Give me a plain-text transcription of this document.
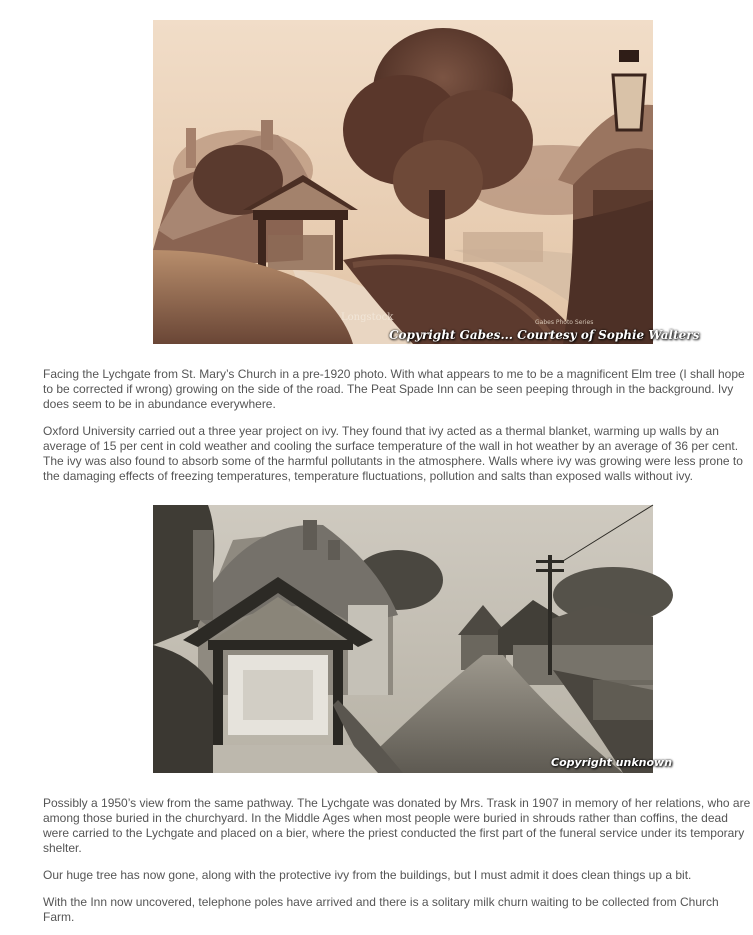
Longstock	Gabes Photo Series
Copyright Gabes... Courtesy of Sophie Walters

Facing the Lychgate from St. Mary’s Church in a pre-1920 photo. With what appears to me to be a magnificent Elm tree (I shall hope to be corrected if wrong) growing on the side of the road. The Peat Spade Inn can be seen peeping through in the background. Ivy does seem to be in abundance everywhere.

Oxford University carried out a three year project on ivy. They found that ivy acted as a thermal blanket, warming up walls by an average of 15 per cent in cold weather and cooling the surface temperature of the wall in hot weather by an average of 36 per cent. The ivy was also found to absorb some of the harmful pollutants in the atmosphere. Walls where ivy was growing were less prone to the damaging effects of freezing temperatures, temperature fluctuations, pollution and salts than exposed walls without ivy.

Copyright unknown

Possibly a 1950’s view from the same pathway. The Lychgate was donated by Mrs. Trask in 1907 in memory of her relations, who are among those buried in the churchyard. In the Middle Ages when most people were buried in shrouds rather than coffins, the dead were carried to the Lychgate and placed on a bier, where the priest conducted the first part of the funeral service under its temporary shelter.

Our huge tree has now gone, along with the protective ivy from the buildings, but I must admit it does clean things up a bit.

With the Inn now uncovered, telephone poles have arrived and there is a solitary milk churn waiting to be collected from Church Farm.
